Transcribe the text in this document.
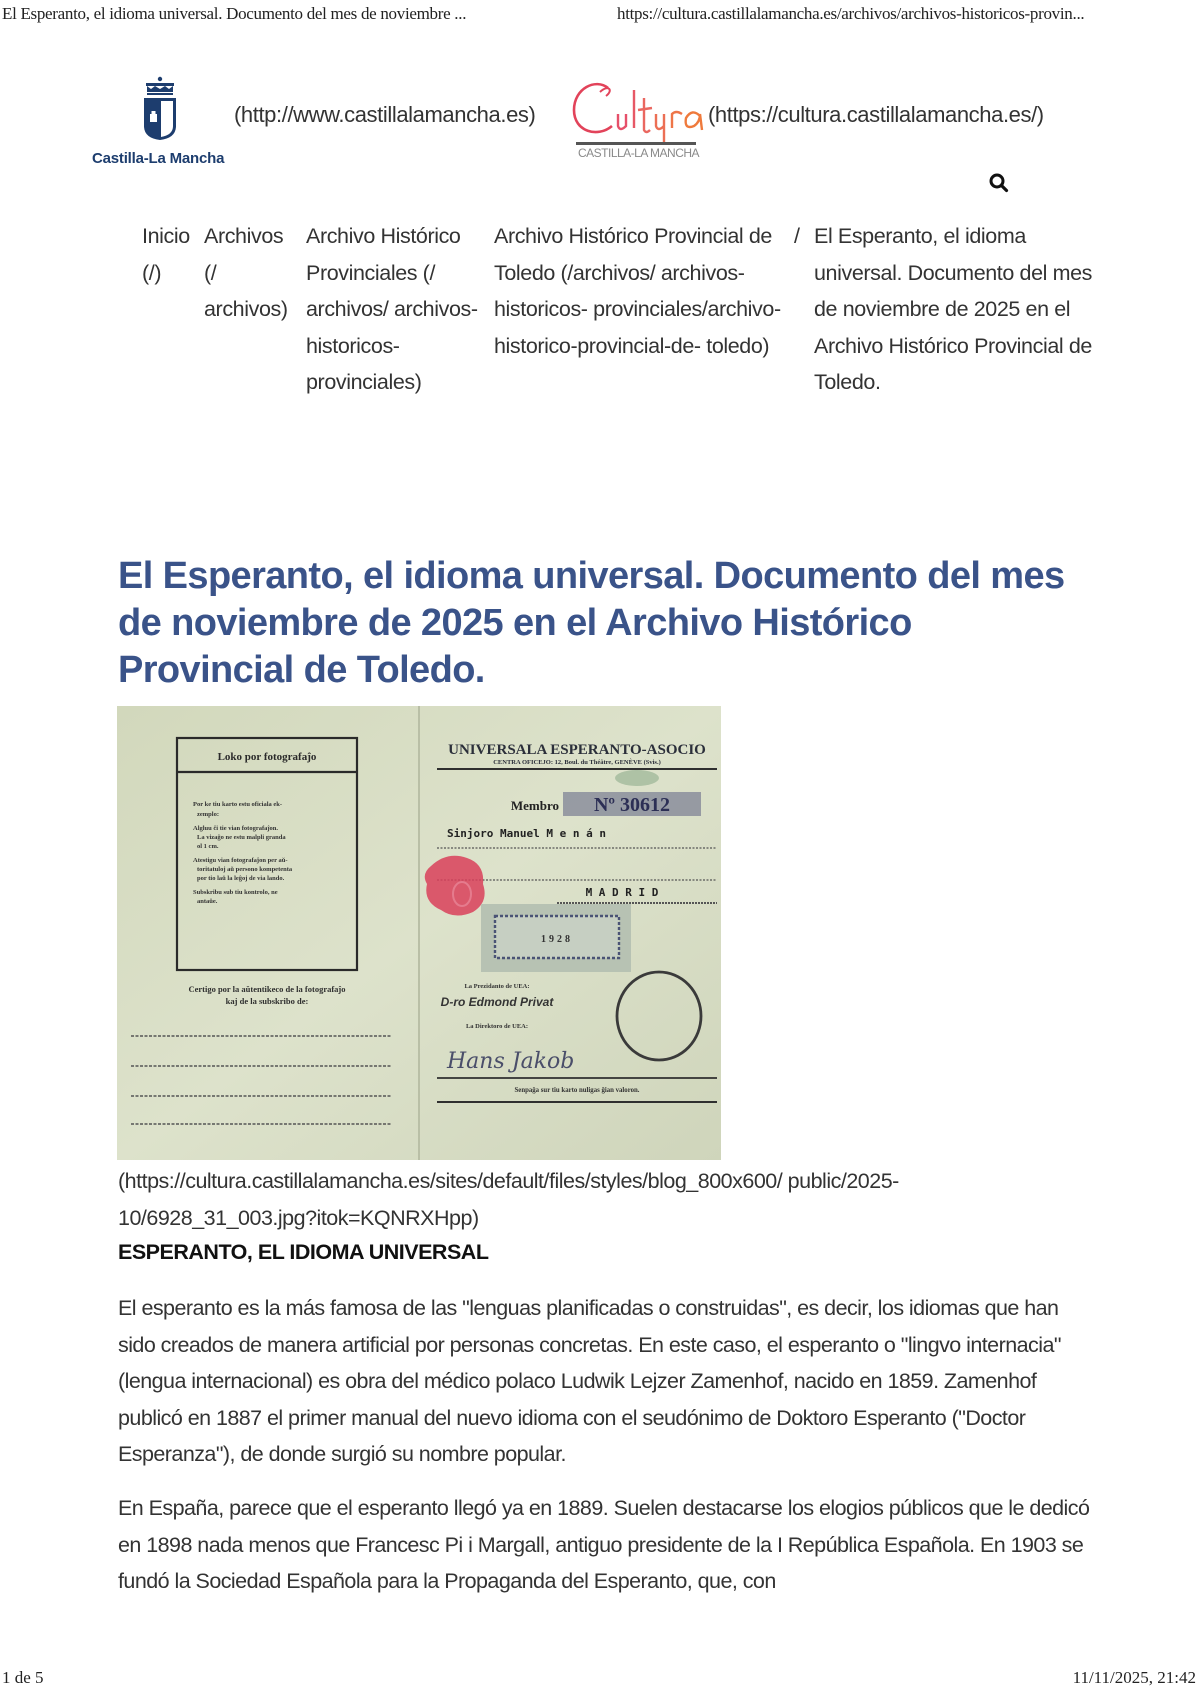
El Esperanto, el idioma universal. Documento del mes de noviembre ...	https://cultura.castillalamancha.es/archivos/archivos-historicos-provin...
Castilla-La Mancha
(http://www.castillalamancha.es)
CASTILLA-LA MANCHA
(https://cultura.castillalamancha.es/)
Inicio (/)
Archivos (/ archivos)
Archivo Histórico Provinciales (/ archivos/ archivos- historicos- provinciales)
Archivo Histórico Provincial de Toledo (/archivos/ archivos-historicos- provinciales/archivo- historico-provincial-de- toledo)
/ El Esperanto, el idioma universal. Documento del mes de noviembre de 2025 en el Archivo Histórico Provincial de Toledo.
El Esperanto, el idioma universal. Documento del mes de noviembre de 2025 en el Archivo Histórico Provincial de Toledo.
Loko por fotografaĵo
Por ke tiu karto estu oficiala ek-
zemplo:
Algluu ĉi tie vian fotografaĵon.
La vizaĝo ne estu malpli granda
ol 1 cm.
Atestigu vian fotografaĵon per aŭ-
toritatuloj aŭ persono kompetenta
por tio laŭ la leĝoj de via lando.
Subskribu sub tiu kontrolo, ne
antaŭe.
Certigo por la aŭtentikeco de la fotografaĵo
kaj de la subskribo de:
UNIVERSALA ESPERANTO-ASOCIO
CENTRA OFICEJO: 12, Boul. du Théâtre, GENÈVE (Svis.)
Membro Nº 30612
Sinjoro Manuel M e n á n
M A D R I D
1928
La Prezidanto de UEA:
D-ro Edmond Privat
La Direktoro de UEA:
Hans Jakob
Senpaĝa sur tiu karto nuligas ĝian valoron.
(https://cultura.castillalamancha.es/sites/default/files/styles/blog_800x600/ public/2025-10/6928_31_003.jpg?itok=KQNRXHpp)
ESPERANTO, EL IDIOMA UNIVERSAL

El esperanto es la más famosa de las "lenguas planificadas o construidas", es decir, los idiomas que han sido creados de manera artificial por personas concretas. En este caso, el esperanto o "lingvo internacia" (lengua internacional) es obra del médico polaco Ludwik Lejzer Zamenhof, nacido en 1859. Zamenhof publicó en 1887 el primer manual del nuevo idioma con el seudónimo de Doktoro Esperanto ("Doctor Esperanza"), de donde surgió su nombre popular.

En España, parece que el esperanto llegó ya en 1889. Suelen destacarse los elogios públicos que le dedicó en 1898 nada menos que Francesc Pi i Margall, antiguo presidente de la I República Española. En 1903 se fundó la Sociedad Española para la Propaganda del Esperanto, que, con

1 de 5	11/11/2025, 21:42
